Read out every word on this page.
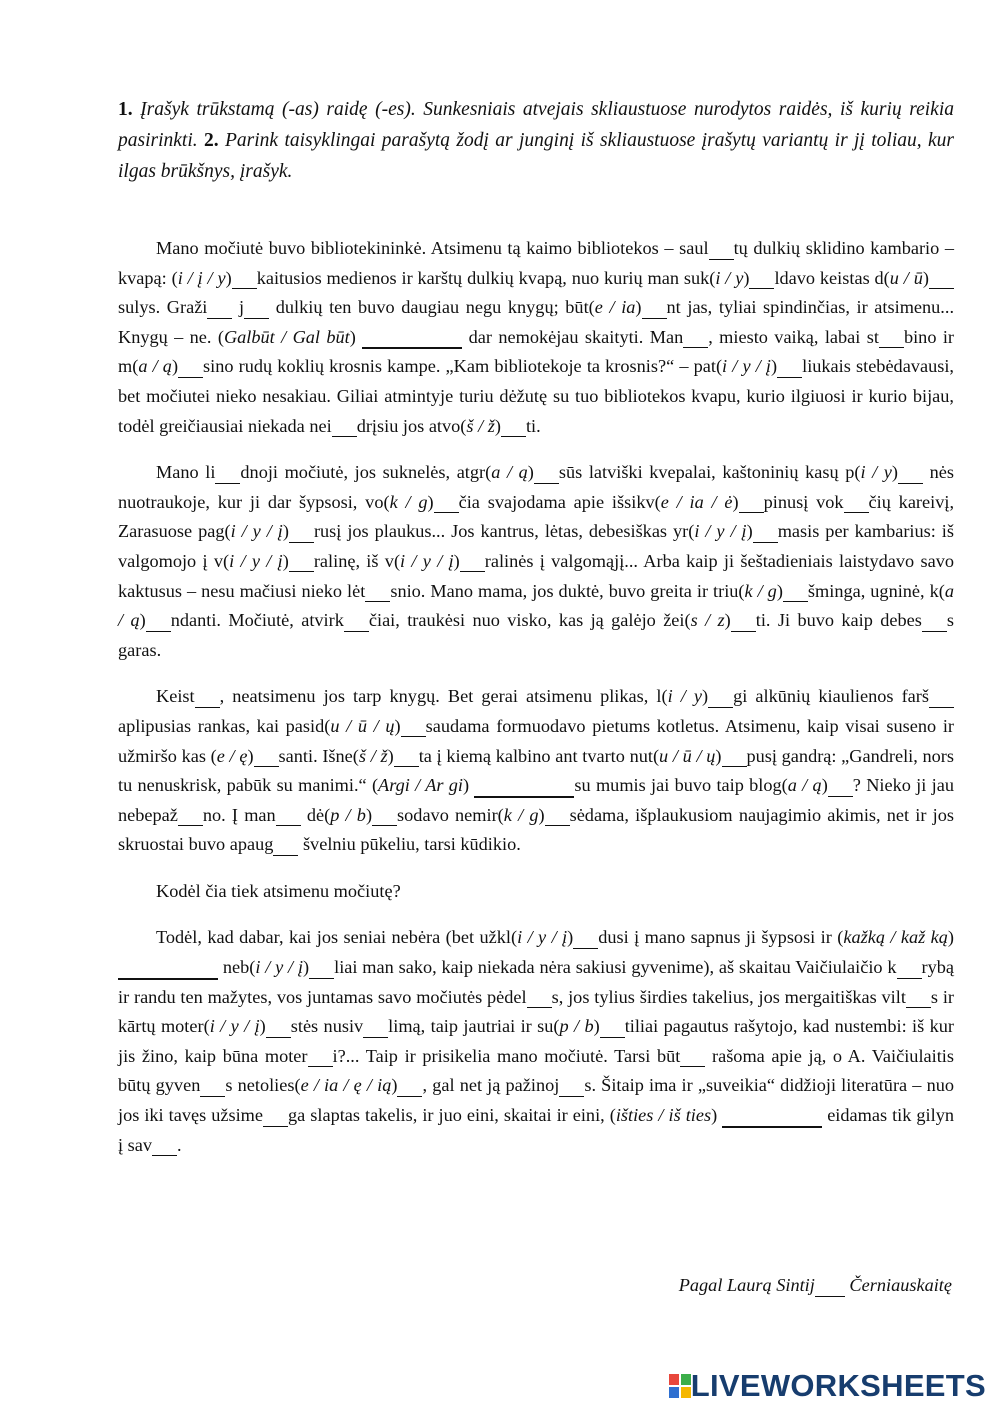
1. Įrašyk trūkstamą (-as) raidę (-es). Sunkesniais atvejais skliaustuose nurodytos raidės, iš kurių reikia pasirinkti. 2. Parink taisyklingai parašytą žodį ar junginį iš skliaustuose įrašytų variantų ir jį toliau, kur ilgas brūkšnys, įrašyk.

Mano močiutė buvo bibliotekininkė. Atsimenu tą kaimo bibliotekos – saul tų dulkių sklidino kambario – kvapą: (i / į / y) kaitusios medienos ir karštų dulkių kvapą, nuo kurių man suk(i / y) ldavo keistas d(u / ū)sulys. Graži j dulkių ten buvo daugiau negu knygų; būt(e / ia) nt jas, tyliai spindinčias, ir atsimenu... Knygų – ne. (Galbūt / Gal būt)	dar nemokėjau skaityti. Man , miesto vaiką, labai st bino ir m(a / ą) sino rudų koklių krosnis kampe. „Kam bibliotekoje ta krosnis?“ – pat(i / y / į) liukais stebėdavausi, bet močiutei nieko nesakiau. Giliai atmintyje turiu dėžutę su tuo bibliotekos kvapu, kurio ilgiuosi ir kurio bijau, todėl greičiausiai niekada nei drįsiu jos atvo(š / ž) ti.

Mano li dnoji močiutė, jos suknelės, atgr(a / ą) sūs latviški kvepalai, kaštoninių kasų p(i / y) nės nuotraukoje, kur ji dar šypsosi, vo(k / g) čia svajodama apie išsikv(e / ia / ė) pinusį vok čių kareivį, Zarasuose pag(i / y / į) rusį jos plaukus... Jos kantrus, lėtas, debesiškas yr(i / y / į) masis per kambarius: iš valgomojo į v(i / y / į) ralinę, iš v(i / y / į) ralinės į valgomąjį... Arba kaip ji šeštadieniais laistydavo savo kaktusus – nesu mačiusi nieko lėt snio. Mano mama, jos duktė, buvo greita ir triu(k / g) šminga, ugninė, k(a / ą) ndanti. Močiutė, atvirk čiai, traukėsi nuo visko, kas ją galėjo žei(s / z) ti. Ji buvo kaip debes s garas.

Keist , neatsimenu jos tarp knygų. Bet gerai atsimenu plikas, l(i / y) gi alkūnių kiaulienos farš aplipusias rankas, kai pasid(u / ū / ų) saudama formuodavo pietums kotletus. Atsimenu, kaip visai suseno ir užmiršo kas (e / ę) santi. Išne(š / ž) ta į kiemą kalbino ant tvarto nut(u / ū / ų) pusį gandrą: „Gandreli, nors tu nenuskrisk, pabūk su manimi.“ (Argi / Ar gi)	su mumis jai buvo taip blog(a / ą) ? Nieko ji jau nebepaž no. Į man dė(p / b) sodavo nemir(k / g) sėdama, išplaukusiom naujagimio akimis, net ir jos skruostai buvo apaug švelniu pūkeliu, tarsi kūdikio.

Kodėl čia tiek atsimenu močiutę?

Todėl, kad dabar, kai jos seniai nebėra (bet užkl(i / y / į) dusi į mano sapnus ji šypsosi ir (kažką / kaž ką)  neb(i / y / į) liai man sako, kaip niekada nėra sakiusi gyvenime), aš skaitau Vaičiulaičio k rybą ir randu ten mažytes, vos juntamas savo močiutės pėdel s, jos tylius širdies takelius, jos mergaitiškas vilt s ir kārtų moter(i / y / į) stės nusiv limą, taip jautriai ir su(p / b) tiliai pagautus rašytojo, kad nustembi: iš kur jis žino, kaip būna moter i?... Taip ir prisikelia mano močiutė. Tarsi būt rašoma apie ją, o A. Vaičiulaitis būtų gyven s netolies(e / ia / ę / ią) , gal net ją pažinoj s. Šitaip ima ir „suveikia“ didžioji literatūra – nuo jos iki tavęs užsime ga slaptas takelis, ir juo eini, skaitai ir eini, (išties / iš ties)	eidamas tik gilyn į sav .

Pagal Laurą Sintij Černiauskaitę
LIVEWORKSHEETS
